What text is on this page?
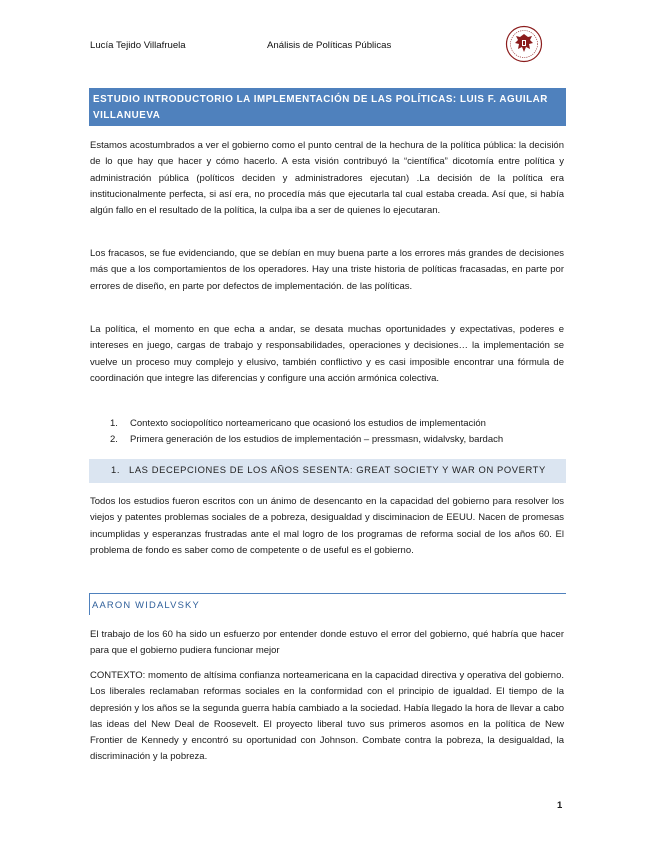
Lucía Tejido Villafruela	Análisis de Políticas Públicas
ESTUDIO INTRODUCTORIO LA IMPLEMENTACIÓN DE LAS POLÍTICAS: LUIS F. AGUILAR VILLANUEVA

Estamos acostumbrados a ver el gobierno como el punto central de la hechura de la política pública: la decisión de lo que hay que hacer y cómo hacerlo. A esta visión contribuyó la “científica” dicotomía entre política y administración pública (políticos deciden y administradores ejecutan) .La decisión de la política era institucionalmente perfecta, si así era, no procedía más que ejecutarla tal cual estaba creada. Así que, si había algún fallo en el resultado de la política, la culpa iba a ser de quienes lo ejecutaran.

Los fracasos, se fue evidenciando, que se debían en muy buena parte a los errores más grandes de decisiones más que a los comportamientos de los operadores. Hay una triste historia de políticas fracasadas, en parte por errores de diseño, en parte por defectos de implementación. de las políticas.

La política, el momento en que echa a andar, se desata muchas oportunidades y expectativas, poderes e intereses en juego, cargas de trabajo y responsabilidades, operaciones y decisiones… la implementación se vuelve un proceso muy complejo y elusivo, también conflictivo y es casi imposible encontrar una fórmula de coordinación que integre las diferencias y configure una acción armónica colectiva.

1. Contexto sociopolítico norteamericano que ocasionó los estudios de implementación
2. Primera generación de los estudios de implementación – pressmasn, widalvsky, bardach
1. LAS DECEPCIONES DE LOS AÑOS SESENTA: GREAT SOCIETY Y WAR ON POVERTY

Todos los estudios fueron escritos con un ánimo de desencanto en la capacidad del gobierno para resolver los viejos y patentes problemas sociales de a pobreza, desigualdad y disciminacion de EEUU. Nacen de promesas incumplidas y esperanzas frustradas ante el mal logro de los programas de reforma social de los años 60. El problema de fondo es saber como de competente o de useful es el gobierno.

AARON WIDALVSKY

El trabajo de los 60 ha sido un esfuerzo por entender donde estuvo el error del gobierno, qué habría que hacer para que el gobierno pudiera funcionar mejor

CONTEXTO: momento de altísima confianza norteamericana en la capacidad directiva y operativa del gobierno. Los liberales reclamaban reformas sociales en la conformidad con el principio de igualdad. El tiempo de la depresión y los años se la segunda guerra había cambiado a la sociedad. Había llegado la hora de llevar a cabo las ideas del New Deal de Roosevelt. El proyecto liberal tuvo sus primeros asomos en la política de New Frontier de Kennedy y encontró su oportunidad con Johnson. Combate contra la pobreza, la desigualdad, la discriminación y la pobreza.

1
